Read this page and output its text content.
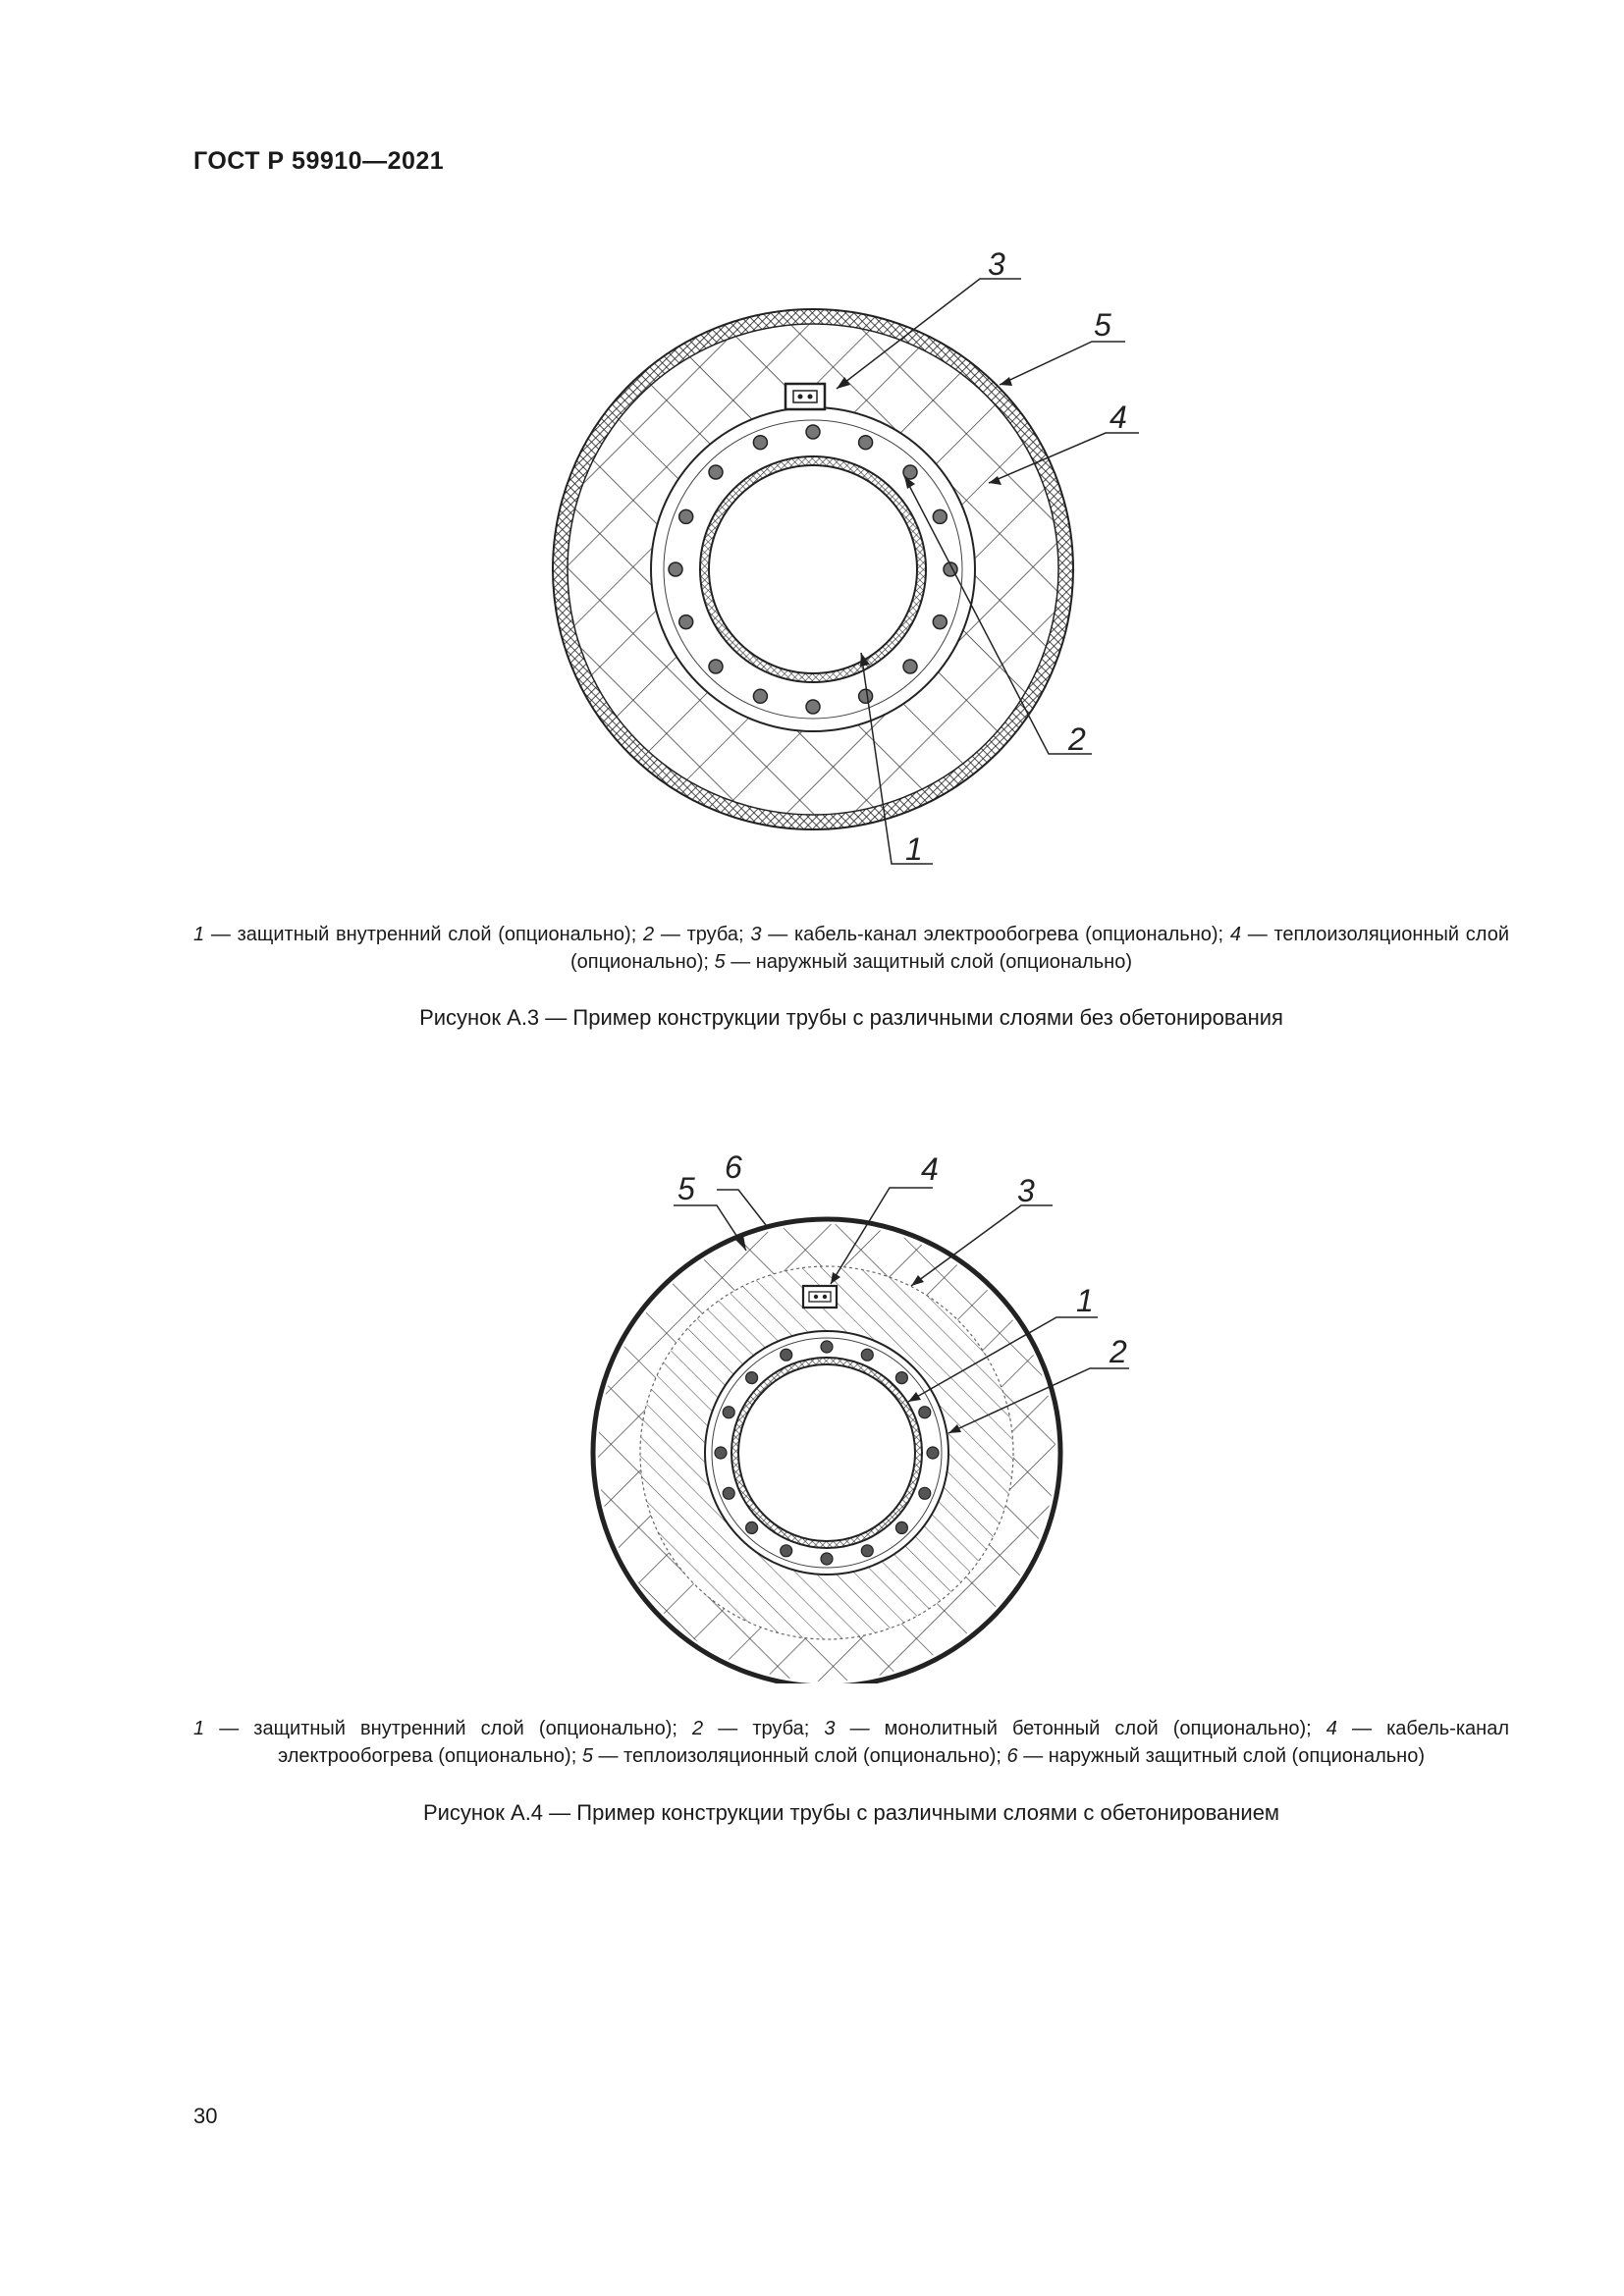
ГОСТ Р 59910—2021
3
5
4
2
1
1 — защитный внутренний слой (опционально); 2 — труба; 3 — кабель-канал электрообогрева (опционально); 4 — теплоизоляционный слой (опционально); 5 — наружный защитный слой (опционально)
Рисунок А.3 — Пример конструкции трубы с различными слоями без обетонирования
5
6	4
3
1
2
1 — защитный внутренний слой (опционально); 2 — труба; 3 — монолитный бетонный слой (опционально); 4 — кабель-канал электрообогрева (опционально); 5 — теплоизоляционный слой (опционально); 6 — наружный защитный слой (опционально)
Рисунок А.4 — Пример конструкции трубы с различными слоями с обетонированием
30
